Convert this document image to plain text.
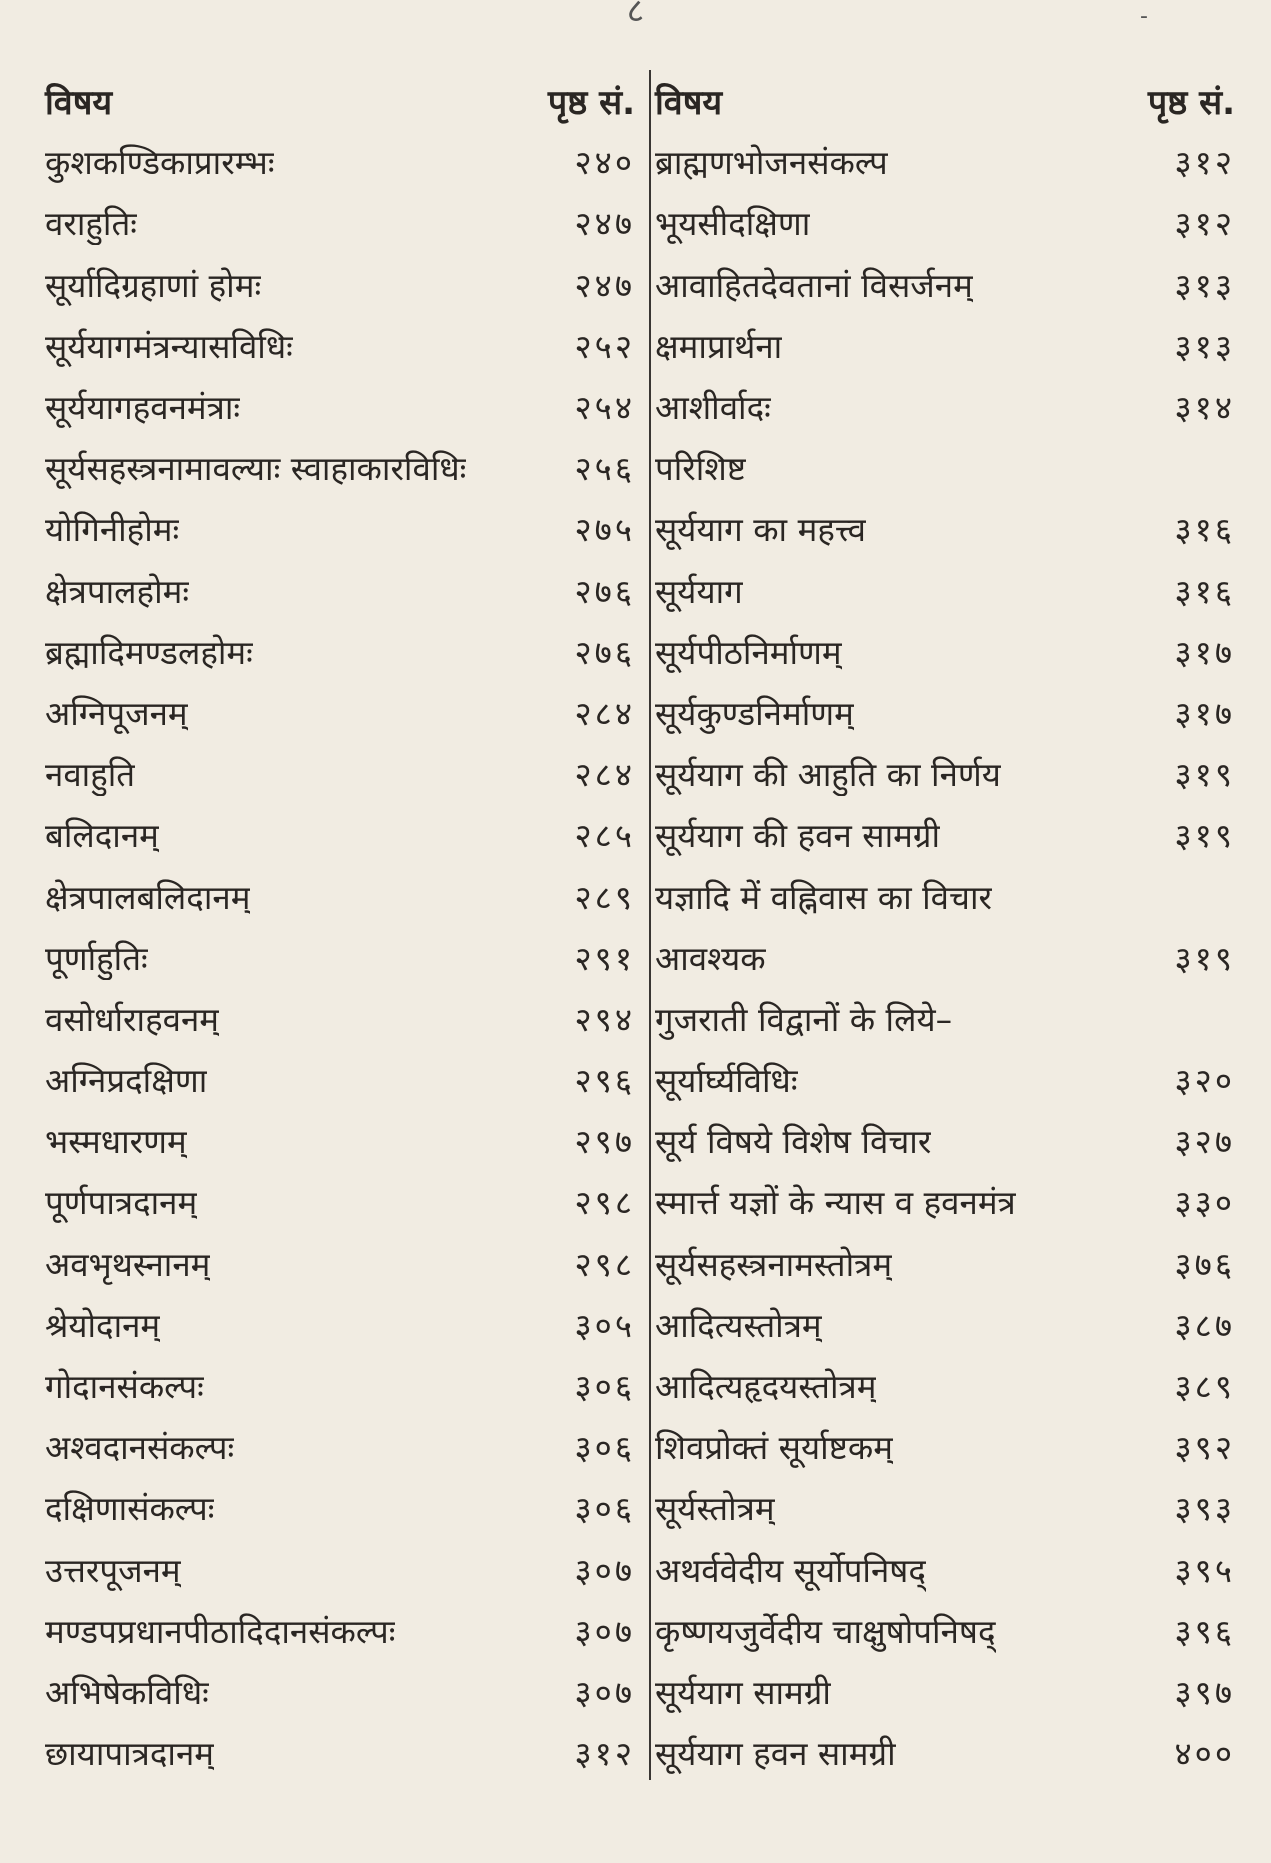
८	-
विषय	पृष्ठ सं.
कुशकण्डिकाप्रारम्भः	२४०
वराहुतिः	२४७
सूर्यादिग्रहाणां होमः	२४७
सूर्ययागमंत्रन्यासविधिः	२५२
सूर्ययागहवनमंत्राः	२५४
सूर्यसहस्त्रनामावल्याः स्वाहाकारविधिः	२५६
योगिनीहोमः	२७५
क्षेत्रपालहोमः	२७६
ब्रह्मादिमण्डलहोमः	२७६
अग्निपूजनम्	२८४
नवाहुति	२८४
बलिदानम्	२८५
क्षेत्रपालबलिदानम्	२८९
पूर्णाहुतिः	२९१
वसोर्धाराहवनम्	२९४
अग्निप्रदक्षिणा	२९६
भस्मधारणम्	२९७
पूर्णपात्रदानम्	२९८
अवभृथस्नानम्	२९८
श्रेयोदानम्	३०५
गोदानसंकल्पः	३०६
अश्वदानसंकल्पः	३०६
दक्षिणासंकल्पः	३०६
उत्तरपूजनम्	३०७
मण्डपप्रधानपीठादिदानसंकल्पः	३०७
अभिषेकविधिः	३०७
छायापात्रदानम्	३१२
विषय	पृष्ठ सं.
ब्राह्मणभोजनसंकल्प	३१२
भूयसीदक्षिणा	३१२
आवाहितदेवतानां विसर्जनम्	३१३
क्षमाप्रार्थना	३१३
आशीर्वादः	३१४
परिशिष्ट
सूर्ययाग का महत्त्व	३१६
सूर्ययाग	३१६
सूर्यपीठनिर्माणम्	३१७
सूर्यकुण्डनिर्माणम्	३१७
सूर्ययाग की आहुति का निर्णय	३१९
सूर्ययाग की हवन सामग्री	३१९
यज्ञादि में वह्निवास का विचार
आवश्यक	३१९
गुजराती विद्वानों के लिये–
सूर्यार्घ्यविधिः	३२०
सूर्य विषये विशेष विचार	३२७
स्मार्त्त यज्ञों के न्यास व हवनमंत्र	३३०
सूर्यसहस्त्रनामस्तोत्रम्	३७६
आदित्यस्तोत्रम्	३८७
आदित्यहृदयस्तोत्रम्	३८९
शिवप्रोक्तं सूर्याष्टकम्	३९२
सूर्यस्तोत्रम्	३९३
अथर्ववेदीय सूर्योपनिषद्	३९५
कृष्णयजुर्वेदीय चाक्षुषोपनिषद्	३९६
सूर्ययाग सामग्री	३९७
सूर्ययाग हवन सामग्री	४००
